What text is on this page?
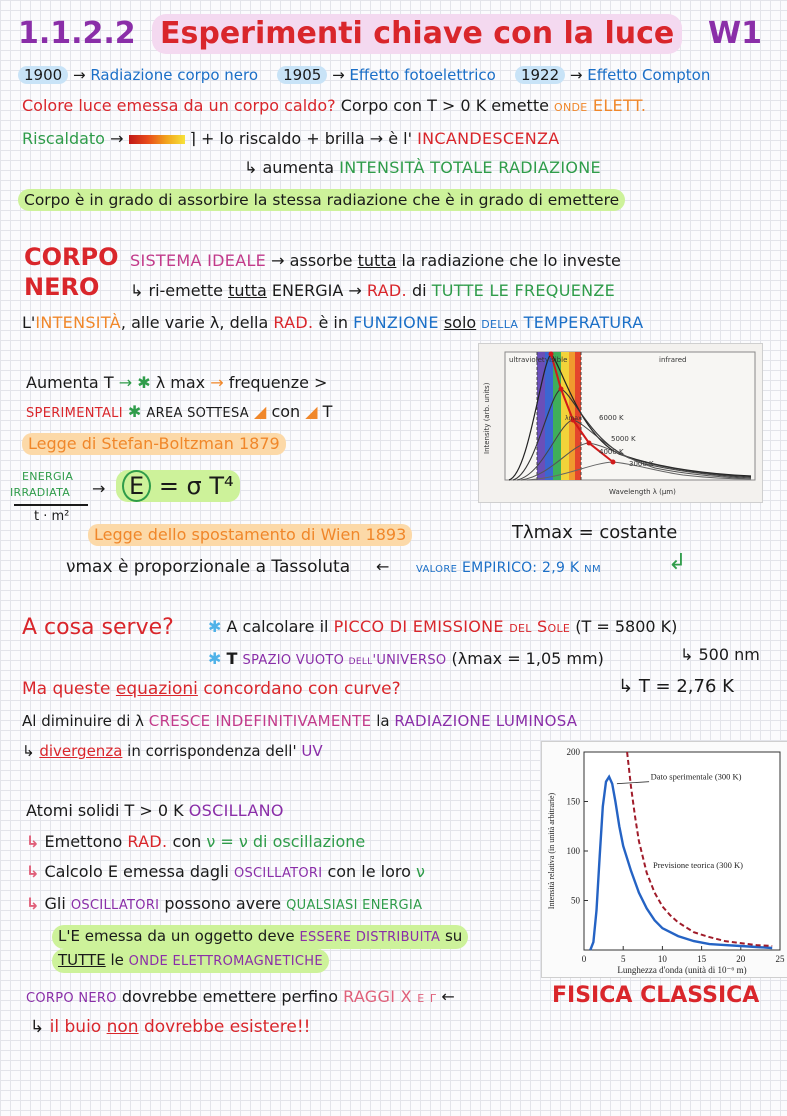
1.1.2.2 Esperimenti chiave con la luce W1
1900 → Radiazione corpo nero 1905 → Effetto fotoelettrico 1922 → Effetto Compton
Colore luce emessa da un corpo caldo? Corpo con T > 0 K emette onde ELETT.
Riscaldato →	⌉ + lo riscaldo + brilla → è l' INCANDESCENZA
↳ aumenta INTENSITÀ TOTALE RADIAZIONE
Corpo è in grado di assorbire la stessa radiazione che è in grado di emettere
CORPO
NERO
SISTEMA IDEALE → assorbe tutta la radiazione che lo investe
↳ ri-emette tutta ENERGIA → RAD. di TUTTE LE FREQUENZE
L'INTENSITÀ, alle varie λ, della RAD. è in FUNZIONE solo della TEMPERATURA
Aumenta T → ✱ λ max → frequenze >
SPERIMENTALI ✱ AREA SOTTESA ◢ con ◢ T
Legge di Stefan-Boltzman 1879
ENERGIA
IRRADIATA
t · m²
→ E = σ T⁴
ultraviolet visible	infrared
Wavelength λ (μm)
Intensity (arb. units)	6000 K
5000 K
4000 K
3000 K
λmax
Legge dello spostamento di Wien 1893	Tλmax = costante
νmax è proporzionale a Tassoluta ← valore EMPIRICO: 2,9 K nm	↲
A cosa serve? ✱ A calcolare il PICCO DI EMISSIONE del Sole (T = 5800 K)
✱ T SPAZIO VUOTO dell'UNIVERSO (λmax = 1,05 mm)	↳ 500 nm
Ma queste equazioni concordano con curve?	↳ T = 2,76 K
Al diminuire di λ CRESCE INDEFINITIVAMENTE la RADIAZIONE LUMINOSA
↳ divergenza in corrispondenza dell' UV
0	5	10	15	20	25
200
150
100
50
Lunghezza d'onda (unità di 10⁻⁶ m)
Intensità relativa (in unità arbitrarie)
Dato sperimentale (300 K)
Previsione teorica (300 K)
Atomi solidi T > 0 K OSCILLANO
↳ Emettono RAD. con ν = ν di oscillazione
↳ Calcolo E emessa dagli OSCILLATORI con le loro ν
↳ Gli OSCILLATORI possono avere QUALSIASI ENERGIA
L'E emessa da un oggetto deve ESSERE DISTRIBUITA su
TUTTE le ONDE ELETTROMAGNETICHE
CORPO NERO dovrebbe emettere perfino RAGGI X e γ ←	FISICA CLASSICA
↳ il buio non dovrebbe esistere!!
